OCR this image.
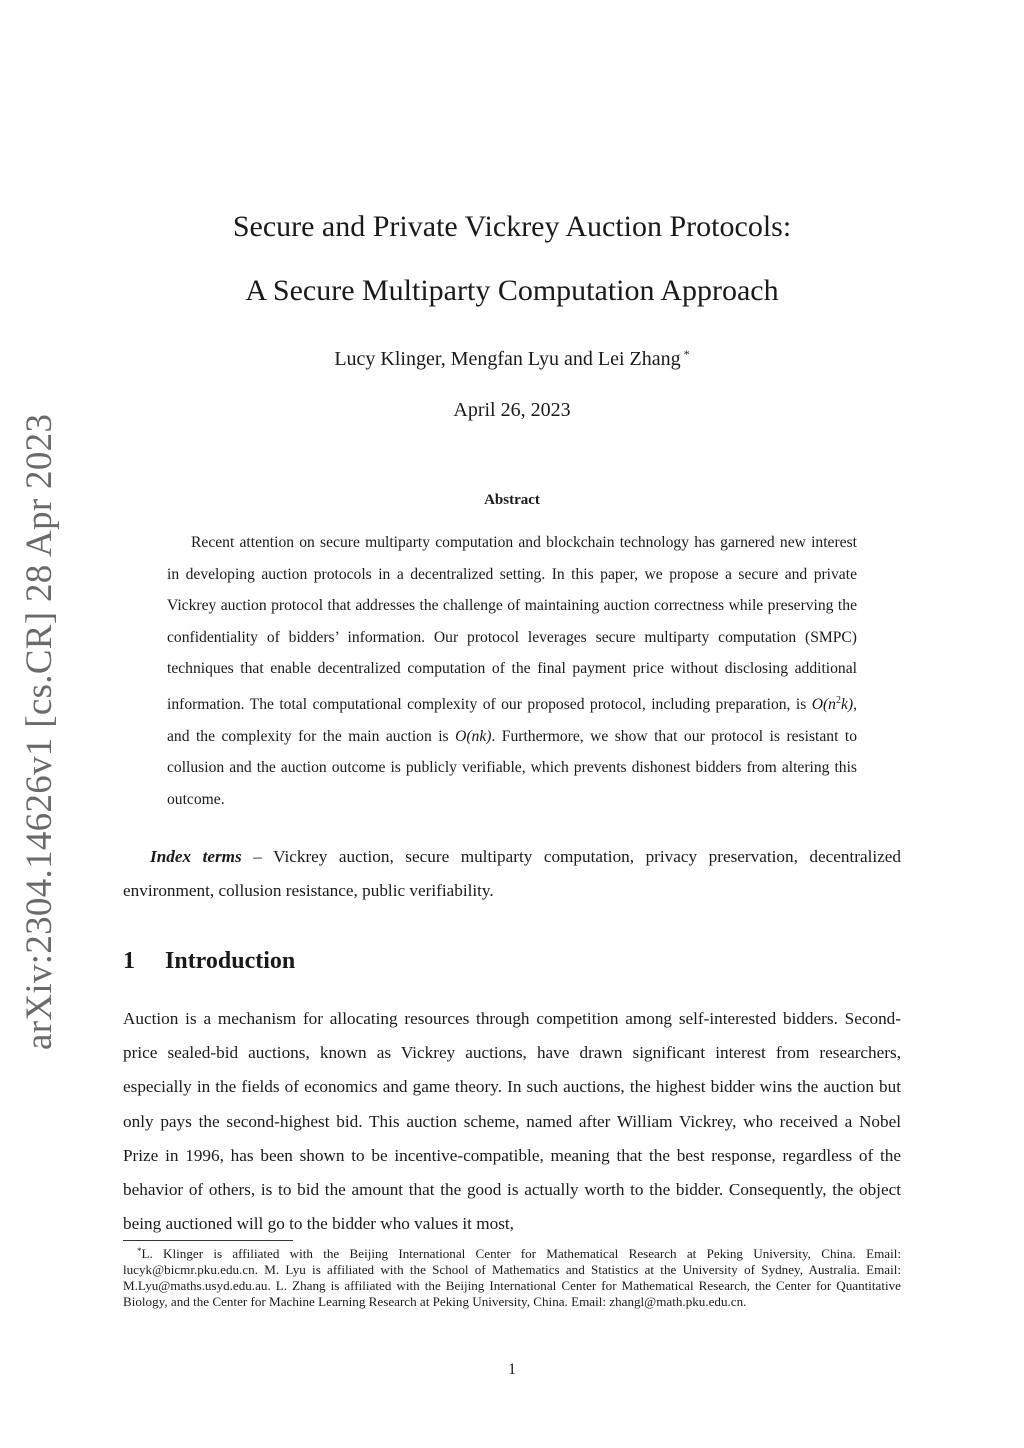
arXiv:2304.14626v1 [cs.CR] 28 Apr 2023
Secure and Private Vickrey Auction Protocols:
A Secure Multiparty Computation Approach
Lucy Klinger, Mengfan Lyu and Lei Zhang *
April 26, 2023
Abstract
Recent attention on secure multiparty computation and blockchain technology has garnered new interest in developing auction protocols in a decentralized setting. In this paper, we propose a secure and private Vickrey auction protocol that addresses the challenge of maintaining auction correctness while preserving the confidentiality of bidders’ information. Our protocol leverages secure multiparty computation (SMPC) techniques that enable decentralized computation of the final payment price without disclosing additional information. The total computational complexity of our proposed protocol, including preparation, is $O(n^2k)$, and the complexity for the main auction is O(nk). Furthermore, we show that our protocol is resistant to collusion and the auction outcome is publicly verifiable, which prevents dishonest bidders from altering this outcome.
Index terms – Vickrey auction, secure multiparty computation, privacy preservation, decentralized environment, collusion resistance, public verifiability.
1 Introduction
Auction is a mechanism for allocating resources through competition among self-interested bidders. Second-price sealed-bid auctions, known as Vickrey auctions, have drawn significant interest from researchers, especially in the fields of economics and game theory. In such auctions, the highest bidder wins the auction but only pays the second-highest bid. This auction scheme, named after William Vickrey, who received a Nobel Prize in 1996, has been shown to be incentive-compatible, meaning that the best response, regardless of the behavior of others, is to bid the amount that the good is actually worth to the bidder. Consequently, the object being auctioned will go to the bidder who values it most,
*L. Klinger is affiliated with the Beijing International Center for Mathematical Research at Peking University, China. Email: lucyk@bicmr.pku.edu.cn. M. Lyu is affiliated with the School of Mathematics and Statistics at the University of Sydney, Australia. Email: M.Lyu@maths.usyd.edu.au. L. Zhang is affiliated with the Beijing International Center for Mathematical Research, the Center for Quantitative Biology, and the Center for Machine Learning Research at Peking University, China. Email: zhangl@math.pku.edu.cn.
1
